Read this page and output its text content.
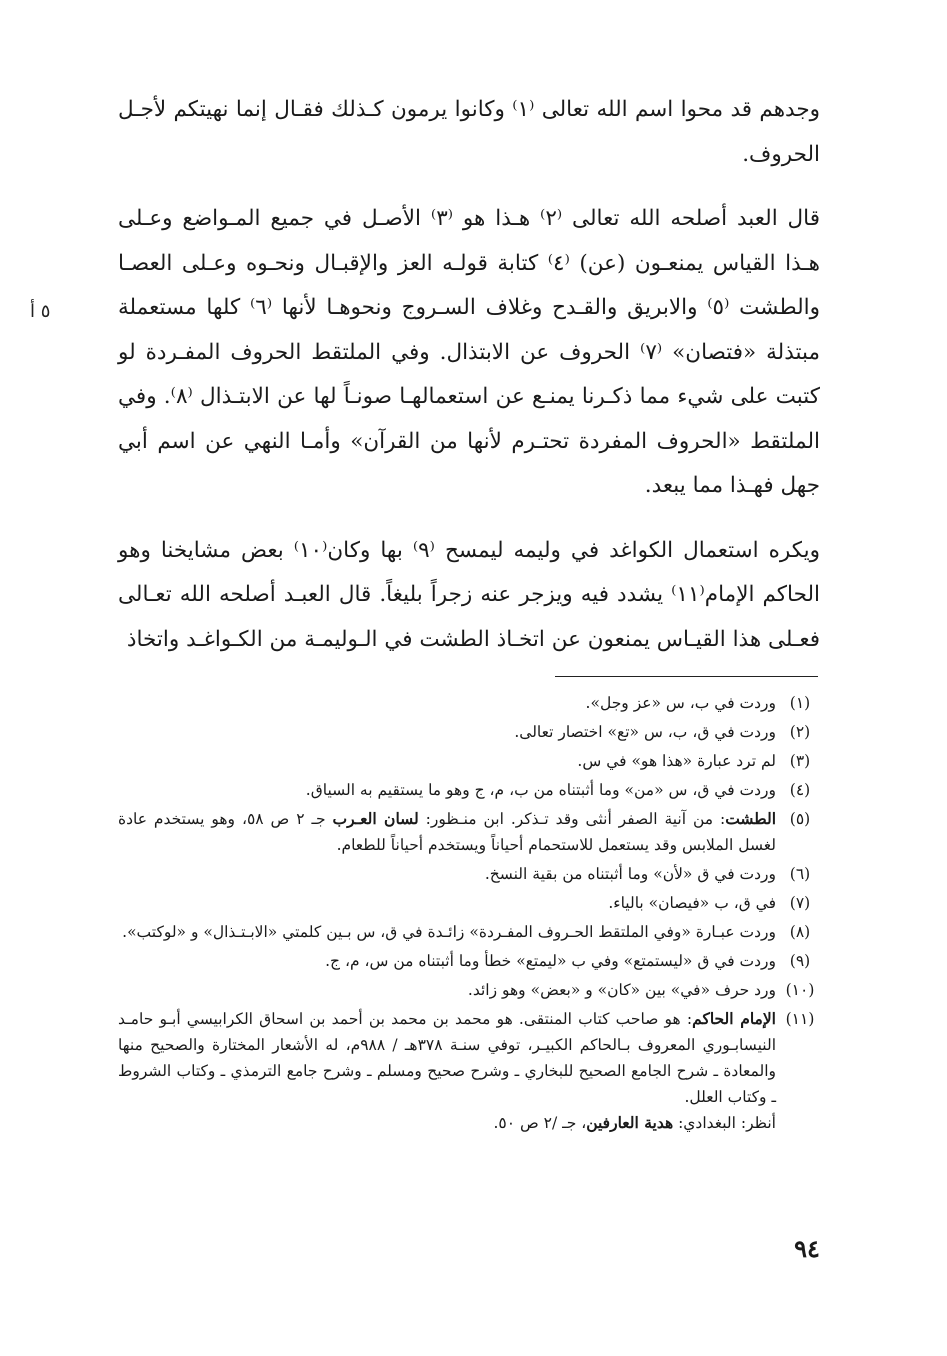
وجدهم قد محوا اسم الله تعالى ⁽١⁾ وكانوا يرمون كـذلك فقـال إنما نهيتكم لأجـل الحروف.

قال العبد أصلحه الله تعالى ⁽٢⁾ هـذا هو ⁽٣⁾ الأصـل في جميع المـواضع وعـلى هـذا القياس يمنعـون (عن) ⁽٤⁾ كتابة قولـه العز والإقبـال ونحـوه وعـلى العصـا والطشت ⁽٥⁾ والابريق والقـدح وغلاف السـروج ونحوهـا لأنها ⁽٦⁾ كلها مستعملة مبتذلة «فتصان» ⁽٧⁾ الحروف عن الابتذال. وفي الملتقط الحروف المفـردة لو كتبت على شيء مما ذكـرنا يمنـع عن استعمالهـا صونـاً لها عن الابتـذال ⁽٨⁾. وفي الملتقط «الحروف المفردة تحتـرم لأنها من القرآن» وأمـا النهي عن اسم أبي جهل فهـذا مما يبعد.

ويكره استعمال الكواغد في وليمه ليمسح ⁽٩⁾ بها وكان⁽١٠⁾ بعض مشايخنا وهو الحاكم الإمام⁽١١⁾ يشدد فيه ويزجر عنه زجراً بليغاً. قال العبـد أصلحه الله تعـالى فعـلى هذا القيـاس يمنعون عن اتخـاذ الطشت في الـوليمـة من الكـواغـد واتخاذ

٥ أ
(١)
وردت في ب، س «عز وجل».
(٢)
وردت في ق، ب، س «تع» اختصار تعالى.
(٣)
لم ترد عبارة «هذا هو» في س.
(٤)
وردت في ق، س «من» وما أثبتناه من ب، م، ج وهو ما يستقيم به السياق.
(٥)
الطشت: من آنية الصفر أنثى وقد تـذكر. ابن منـظور: لسان العـرب جـ ٢ ص ٥٨، وهو يستخدم عادة لغسل الملابس وقد يستعمل للاستحمام أحياناً ويستخدم أحياناً للطعام.
(٦)
وردت في ق «لأن» وما أثبتناه من بقية النسخ.
(٧)
في ق، ب «فيصان» بالياء.
(٨)
وردت عبـارة «وفي الملتقط الحـروف المفـردة» زائـدة في ق، س بـين كلمتي «الابـتـذال» و «لوكتب».
(٩)
وردت في ق «ليستمتع» وفي ب «ليمتع» خطأ وما أثبتناه من س، م، ج.
(١٠)
ورد حرف «في» بين «كان» و «بعض» وهو زائد.
(١١)
الإمام الحاكم: هو صاحب كتاب المنتقى. هو محمد بن محمد بن أحمد بن اسحاق الكرابيسي أبـو حامـد النيسابـوري المعروف بـالحاكم الكبيـر، توفي سنـة ٣٧٨هـ / ٩٨٨م، له الأشعار المختارة والصحيح منها والمعادة ـ شرح الجامع الصحيح للبخاري ـ وشرح صحيح ومسلم ـ وشرح جامع الترمذي ـ وكتاب الشروط ـ وكتاب العلل.
أنظر: البغدادي: هدية العارفين، جـ /٢ ص ٥٠.
٩٤
